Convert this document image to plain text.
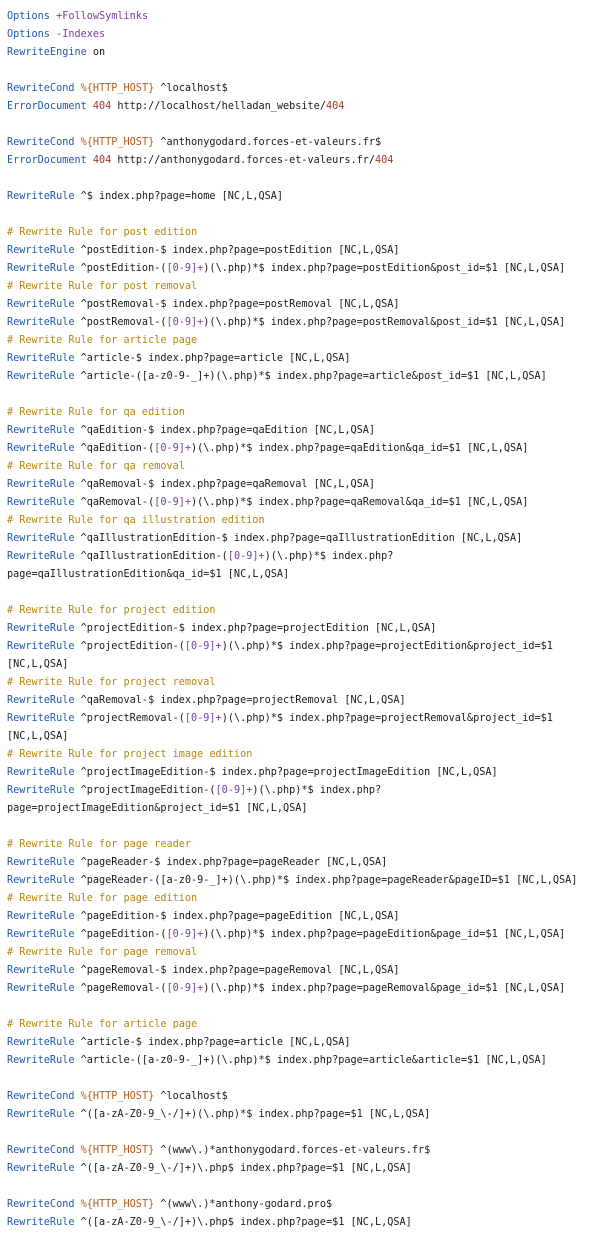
Options +FollowSymlinks
Options -Indexes
RewriteEngine on

RewriteCond %{HTTP_HOST} ^localhost$
ErrorDocument 404 http://localhost/helladan_website/404

RewriteCond %{HTTP_HOST} ^anthonygodard.forces-et-valeurs.fr$
ErrorDocument 404 http://anthonygodard.forces-et-valeurs.fr/404

RewriteRule ^$ index.php?page=home [NC,L,QSA]

# Rewrite Rule for post edition
RewriteRule ^postEdition-$ index.php?page=postEdition [NC,L,QSA]
RewriteRule ^postEdition-([0-9]+)(\.php)*$ index.php?page=postEdition&post_id=$1 [NC,L,QSA]
# Rewrite Rule for post removal
RewriteRule ^postRemoval-$ index.php?page=postRemoval [NC,L,QSA]
RewriteRule ^postRemoval-([0-9]+)(\.php)*$ index.php?page=postRemoval&post_id=$1 [NC,L,QSA]
# Rewrite Rule for article page
RewriteRule ^article-$ index.php?page=article [NC,L,QSA]
RewriteRule ^article-([a-z0-9-_]+)(\.php)*$ index.php?page=article&post_id=$1 [NC,L,QSA]

# Rewrite Rule for qa edition
RewriteRule ^qaEdition-$ index.php?page=qaEdition [NC,L,QSA]
RewriteRule ^qaEdition-([0-9]+)(\.php)*$ index.php?page=qaEdition&qa_id=$1 [NC,L,QSA]
# Rewrite Rule for qa removal
RewriteRule ^qaRemoval-$ index.php?page=qaRemoval [NC,L,QSA]
RewriteRule ^qaRemoval-([0-9]+)(\.php)*$ index.php?page=qaRemoval&qa_id=$1 [NC,L,QSA]
# Rewrite Rule for qa illustration edition
RewriteRule ^qaIllustrationEdition-$ index.php?page=qaIllustrationEdition [NC,L,QSA]
RewriteRule ^qaIllustrationEdition-([0-9]+)(\.php)*$ index.php?
page=qaIllustrationEdition&qa_id=$1 [NC,L,QSA]

# Rewrite Rule for project edition
RewriteRule ^projectEdition-$ index.php?page=projectEdition [NC,L,QSA]
RewriteRule ^projectEdition-([0-9]+)(\.php)*$ index.php?page=projectEdition&project_id=$1
[NC,L,QSA]
# Rewrite Rule for project removal
RewriteRule ^qaRemoval-$ index.php?page=projectRemoval [NC,L,QSA]
RewriteRule ^projectRemoval-([0-9]+)(\.php)*$ index.php?page=projectRemoval&project_id=$1
[NC,L,QSA]
# Rewrite Rule for project image edition
RewriteRule ^projectImageEdition-$ index.php?page=projectImageEdition [NC,L,QSA]
RewriteRule ^projectImageEdition-([0-9]+)(\.php)*$ index.php?
page=projectImageEdition&project_id=$1 [NC,L,QSA]

# Rewrite Rule for page reader
RewriteRule ^pageReader-$ index.php?page=pageReader [NC,L,QSA]
RewriteRule ^pageReader-([a-z0-9-_]+)(\.php)*$ index.php?page=pageReader&pageID=$1 [NC,L,QSA]
# Rewrite Rule for page edition
RewriteRule ^pageEdition-$ index.php?page=pageEdition [NC,L,QSA]
RewriteRule ^pageEdition-([0-9]+)(\.php)*$ index.php?page=pageEdition&page_id=$1 [NC,L,QSA]
# Rewrite Rule for page removal
RewriteRule ^pageRemoval-$ index.php?page=pageRemoval [NC,L,QSA]
RewriteRule ^pageRemoval-([0-9]+)(\.php)*$ index.php?page=pageRemoval&page_id=$1 [NC,L,QSA]

# Rewrite Rule for article page
RewriteRule ^article-$ index.php?page=article [NC,L,QSA]
RewriteRule ^article-([a-z0-9-_]+)(\.php)*$ index.php?page=article&article=$1 [NC,L,QSA]

RewriteCond %{HTTP_HOST} ^localhost$
RewriteRule ^([a-zA-Z0-9_\-/]+)(\.php)*$ index.php?page=$1 [NC,L,QSA]

RewriteCond %{HTTP_HOST} ^(www\.)*anthonygodard.forces-et-valeurs.fr$
RewriteRule ^([a-zA-Z0-9_\-/]+)\.php$ index.php?page=$1 [NC,L,QSA]

RewriteCond %{HTTP_HOST} ^(www\.)*anthony-godard.pro$
RewriteRule ^([a-zA-Z0-9_\-/]+)\.php$ index.php?page=$1 [NC,L,QSA]
